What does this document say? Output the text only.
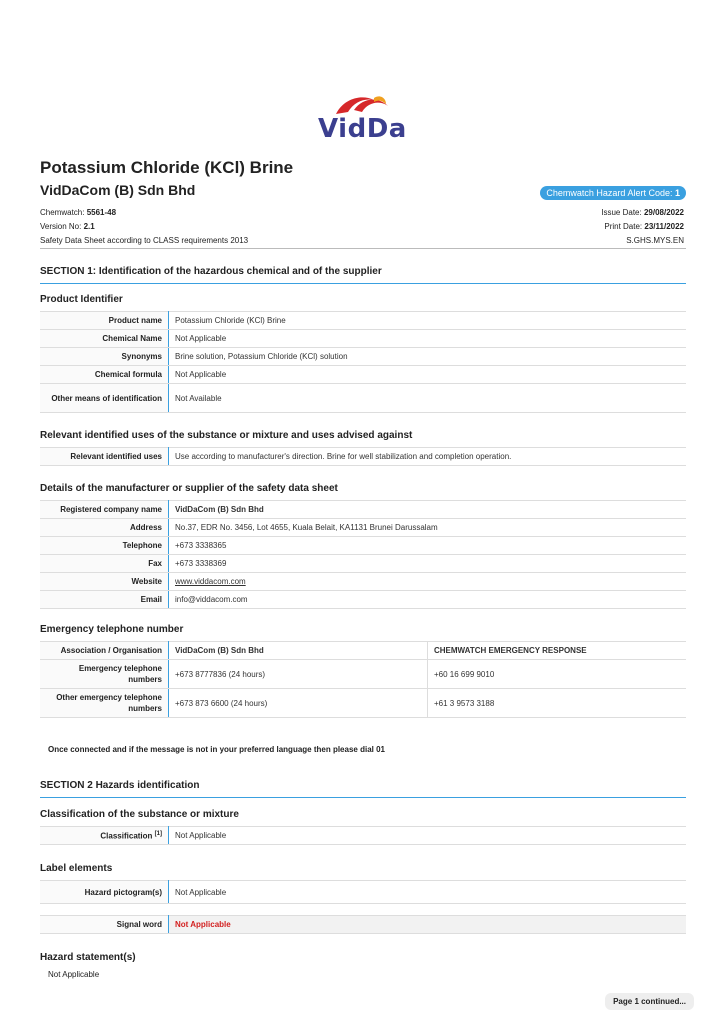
VidDa
Potassium Chloride (KCl) Brine
VidDaCom (B) Sdn Bhd	Chemwatch Hazard Alert Code: 1
Chemwatch: 5561-48
Version No: 2.1
Safety Data Sheet according to CLASS requirements 2013
Issue Date: 29/08/2022
Print Date: 23/11/2022
S.GHS.MYS.EN
SECTION 1: Identification of the hazardous chemical and of the supplier
Product Identifier
Product name	Potassium Chloride (KCl) Brine
Chemical Name	Not Applicable
Synonyms	Brine solution, Potassium Chloride (KCl) solution
Chemical formula	Not Applicable
Other means of identification	Not Available
Relevant identified uses of the substance or mixture and uses advised against
Relevant identified uses	Use according to manufacturer's direction. Brine for well stabilization and completion operation.
Details of the manufacturer or supplier of the safety data sheet
Registered company name	VidDaCom (B) Sdn Bhd
Address	No.37, EDR No. 3456, Lot 4655, Kuala Belait, KA1131 Brunei Darussalam
Telephone	+673 3338365
Fax	+673 3338369
Website	www.viddacom.com
Email	info@viddacom.com
Emergency telephone number
Association / Organisation	VidDaCom (B) Sdn Bhd	CHEMWATCH EMERGENCY RESPONSE
Emergency telephone numbers	+673 8777836 (24 hours)	+60 16 699 9010
Other emergency telephone numbers	+673 873 6600 (24 hours)	+61 3 9573 3188
Once connected and if the message is not in your preferred language then please dial 01
SECTION 2 Hazards identification
Classification of the substance or mixture
Classification [1]	Not Applicable
Label elements
Hazard pictogram(s)	Not Applicable
Signal word	Not Applicable
Hazard statement(s)
Not Applicable
Page 1 continued...
